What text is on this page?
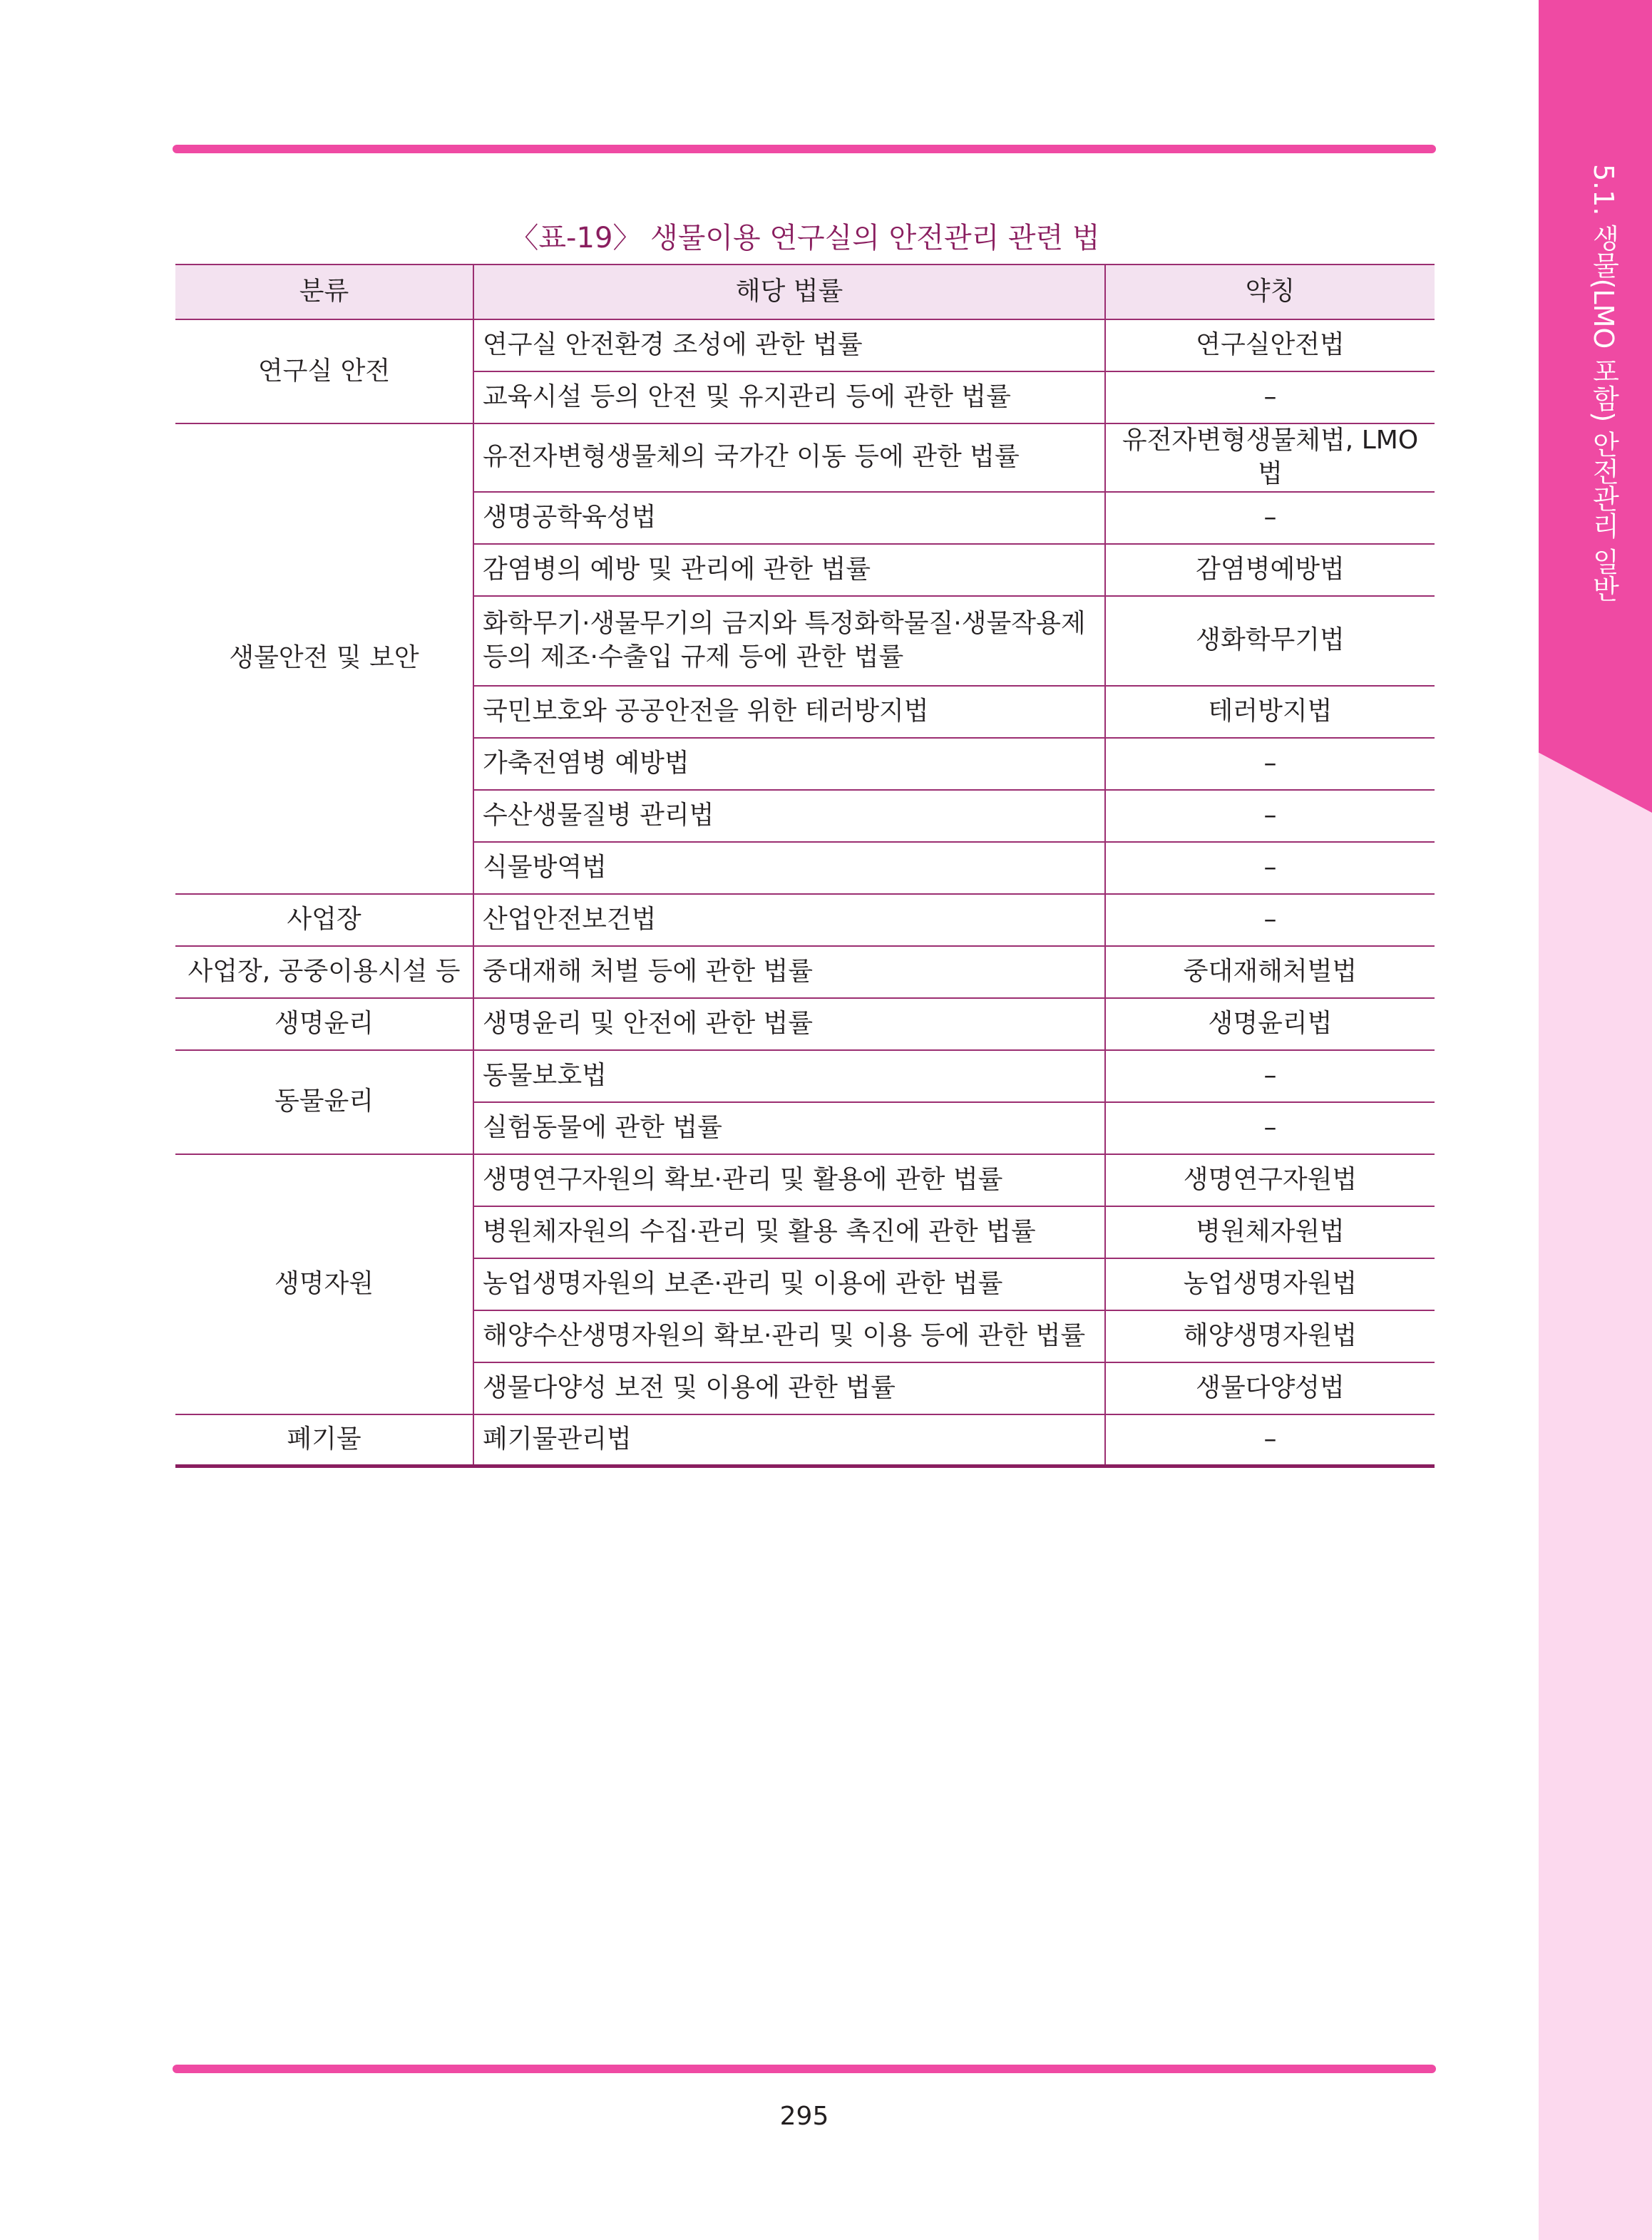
5.1. 생물(LMO 포함) 안전관리 일반
〈표-19〉 생물이용 연구실의 안전관리 관련 법
분류	해당 법률	약칭
연구실 안전	연구실 안전환경 조성에 관한 법률	연구실안전법
	교육시설 등의 안전 및 유지관리 등에 관한 법률	–
생물안전 및 보안	유전자변형생물체의 국가간 이동 등에 관한 법률	유전자변형생물체법, LMO법
	생명공학육성법	–
	감염병의 예방 및 관리에 관한 법률	감염병예방법
	화학무기·생물무기의 금지와 특정화학물질·생물작용제 등의 제조·수출입 규제 등에 관한 법률	생화학무기법
	국민보호와 공공안전을 위한 테러방지법	테러방지법
	가축전염병 예방법	–
	수산생물질병 관리법	–
	식물방역법	–
사업장	산업안전보건법	–
사업장, 공중이용시설 등	중대재해 처벌 등에 관한 법률	중대재해처벌법
생명윤리	생명윤리 및 안전에 관한 법률	생명윤리법
동물윤리	동물보호법	–
	실험동물에 관한 법률	–
생명자원	생명연구자원의 확보·관리 및 활용에 관한 법률	생명연구자원법
	병원체자원의 수집·관리 및 활용 촉진에 관한 법률	병원체자원법
	농업생명자원의 보존·관리 및 이용에 관한 법률	농업생명자원법
	해양수산생명자원의 확보·관리 및 이용 등에 관한 법률	해양생명자원법
	생물다양성 보전 및 이용에 관한 법률	생물다양성법
폐기물	폐기물관리법	–
295
